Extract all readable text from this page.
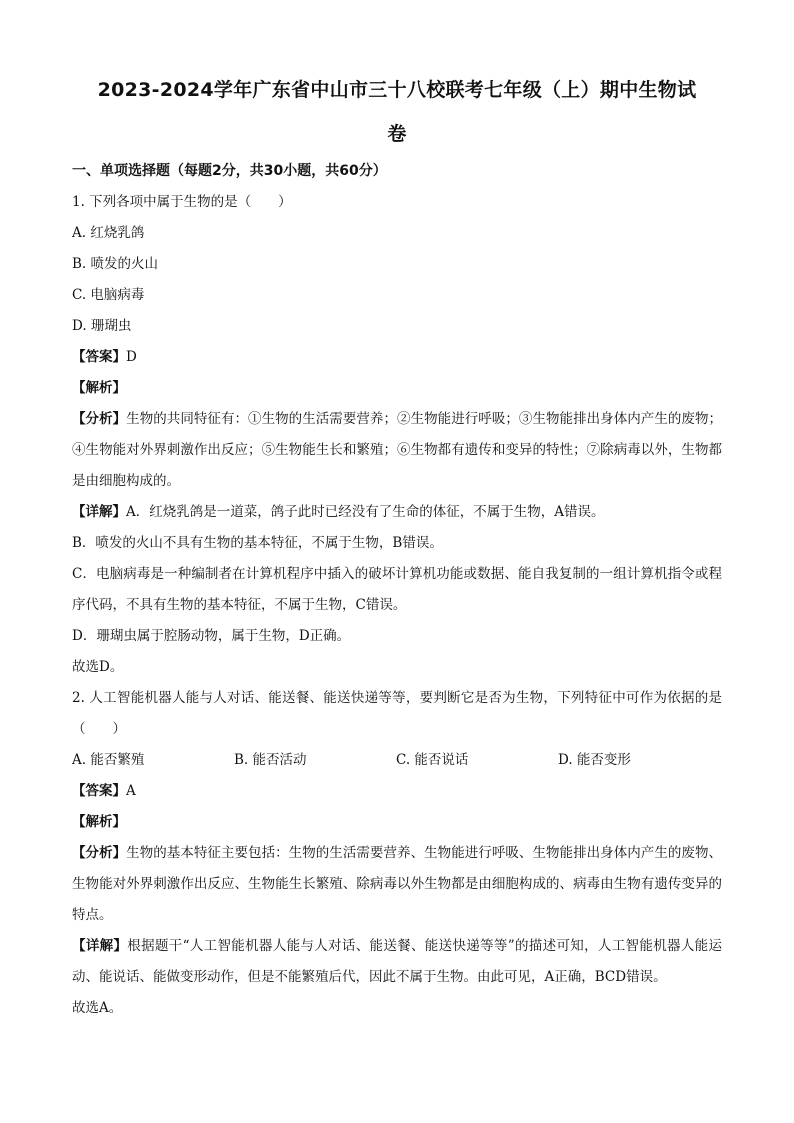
2023-2024学年广东省中山市三十八校联考七年级（上）期中生物试
卷
一、单项选择题（每题2分，共30小题，共60分）
1. 下列各项中属于生物的是（　　）
A. 红烧乳鸽
B. 喷发的火山
C. 电脑病毒
D. 珊瑚虫
【答案】D
【解析】
【分析】生物的共同特征有：①生物的生活需要营养；②生物能进行呼吸；③生物能排出身体内产生的废物；④生物能对外界刺激作出反应；⑤生物能生长和繁殖；⑥生物都有遗传和变异的特性；⑦除病毒以外，生物都是由细胞构成的。
【详解】A．红烧乳鸽是一道菜，鸽子此时已经没有了生命的体征，不属于生物，A错误。
B．喷发的火山不具有生物的基本特征，不属于生物，B错误。
C．电脑病毒是一种编制者在计算机程序中插入的破坏计算机功能或数据、能自我复制的一组计算机指令或程序代码，不具有生物的基本特征，不属于生物，C错误。
D．珊瑚虫属于腔肠动物，属于生物，D正确。
故选D。
2. 人工智能机器人能与人对话、能送餐、能送快递等等，要判断它是否为生物，下列特征中可作为依据的是（　　）
A. 能否繁殖	B. 能否活动	C. 能否说话	D. 能否变形
【答案】A
【解析】
【分析】生物的基本特征主要包括：生物的生活需要营养、生物能进行呼吸、生物能排出身体内产生的废物、生物能对外界刺激作出反应、生物能生长繁殖、除病毒以外生物都是由细胞构成的、病毒由生物有遗传变异的特点。
【详解】根据题干“人工智能机器人能与人对话、能送餐、能送快递等等”的描述可知，人工智能机器人能运动、能说话、能做变形动作，但是不能繁殖后代，因此不属于生物。由此可见，A正确，BCD错误。
故选A。
